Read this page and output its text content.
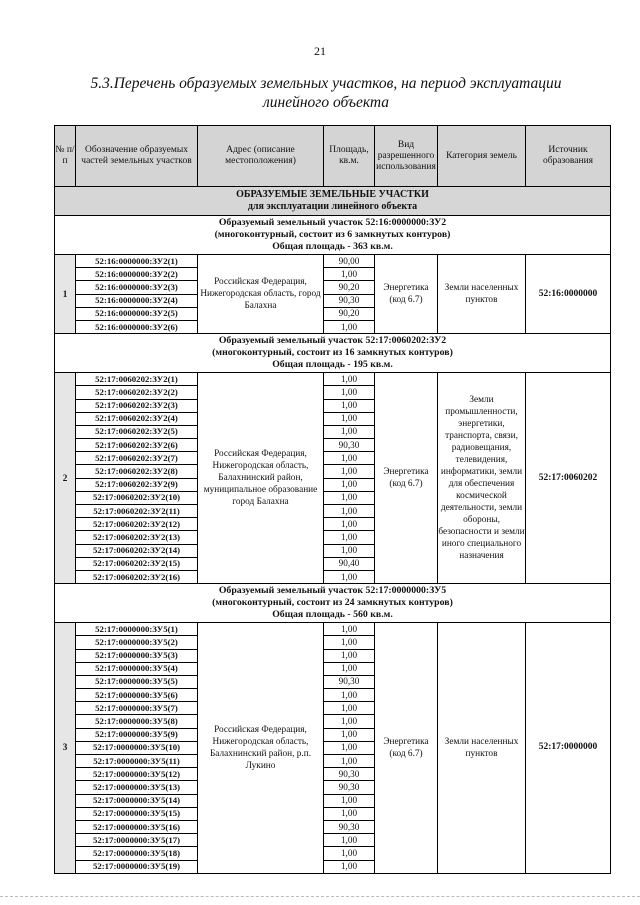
21
5.3.Перечень образуемых земельных участков, на период эксплуатации линейного объекта
№ п/п	Обозначение образуемых частей земельных участков	Адрес (описание местоположения)	Площадь, кв.м.	Вид разрешенного использования	Категория земель	Источник образования

ОБРАЗУЕМЫЕ ЗЕМЕЛЬНЫЕ УЧАСТКИ
для эксплуатации линейного объекта						

Образуемый земельный участок 52:16:0000000:ЗУ2
(многоконтурный, состоит из 6 замкнутых контуров)
Общая площадь - 363 кв.м.						

1	52:16:0000000:ЗУ2(1)	Российская Федерация, Нижегородская область, город Балахна	90,00	Энергетика (код 6.7)	Земли населенных пунктов	52:16:0000000
	52:16:0000000:ЗУ2(2)		1,00			
	52:16:0000000:ЗУ2(3)		90,20			
	52:16:0000000:ЗУ2(4)		90,30			
	52:16:0000000:ЗУ2(5)		90,20			
	52:16:0000000:ЗУ2(6)		1,00			

Образуемый земельный участок 52:17:0060202:ЗУ2
(многоконтурный, состоит из 16 замкнутых контуров)
Общая площадь - 195 кв.м.						

2	52:17:0060202:ЗУ2(1)	Российская Федерация, Нижегородская область, Балахнинский район, муниципальное образование город Балахна	1,00	Энергетика (код 6.7)	Земли промышленности, энергетики, транспорта, связи, радиовещания, телевидения, информатики, земли для обеспечения космической деятельности, земли обороны, безопасности и земли иного специального назначения	52:17:0060202
	52:17:0060202:ЗУ2(2)		1,00			
	52:17:0060202:ЗУ2(3)		1,00			
	52:17:0060202:ЗУ2(4)		1,00			
	52:17:0060202:ЗУ2(5)		1,00			
	52:17:0060202:ЗУ2(6)		90,30			
	52:17:0060202:ЗУ2(7)		1,00			
	52:17:0060202:ЗУ2(8)		1,00			
	52:17:0060202:ЗУ2(9)		1,00			
	52:17:0060202:ЗУ2(10)		1,00			
	52:17:0060202:ЗУ2(11)		1,00			
	52:17:0060202:ЗУ2(12)		1,00			
	52:17:0060202:ЗУ2(13)		1,00			
	52:17:0060202:ЗУ2(14)		1,00			
	52:17:0060202:ЗУ2(15)		90,40			
	52:17:0060202:ЗУ2(16)		1,00			

Образуемый земельный участок 52:17:0000000:ЗУ5
(многоконтурный, состоит из 24 замкнутых контуров)
Общая площадь - 560 кв.м.						

3	52:17:0000000:ЗУ5(1)	Российская Федерация, Нижегородская область, Балахнинский район, р.п. Лукино	1,00	Энергетика (код 6.7)	Земли населенных пунктов	52:17:0000000
	52:17:0000000:ЗУ5(2)		1,00			
	52:17:0000000:ЗУ5(3)		1,00			
	52:17:0000000:ЗУ5(4)		1,00			
	52:17:0000000:ЗУ5(5)		90,30			
	52:17:0000000:ЗУ5(6)		1,00			
	52:17:0000000:ЗУ5(7)		1,00			
	52:17:0000000:ЗУ5(8)		1,00			
	52:17:0000000:ЗУ5(9)		1,00			
	52:17:0000000:ЗУ5(10)		1,00			
	52:17:0000000:ЗУ5(11)		1,00			
	52:17:0000000:ЗУ5(12)		90,30			
	52:17:0000000:ЗУ5(13)		90,30			
	52:17:0000000:ЗУ5(14)		1,00			
	52:17:0000000:ЗУ5(15)		1,00			
	52:17:0000000:ЗУ5(16)		90,30			
	52:17:0000000:ЗУ5(17)		1,00			
	52:17:0000000:ЗУ5(18)		1,00			
	52:17:0000000:ЗУ5(19)		1,00			
